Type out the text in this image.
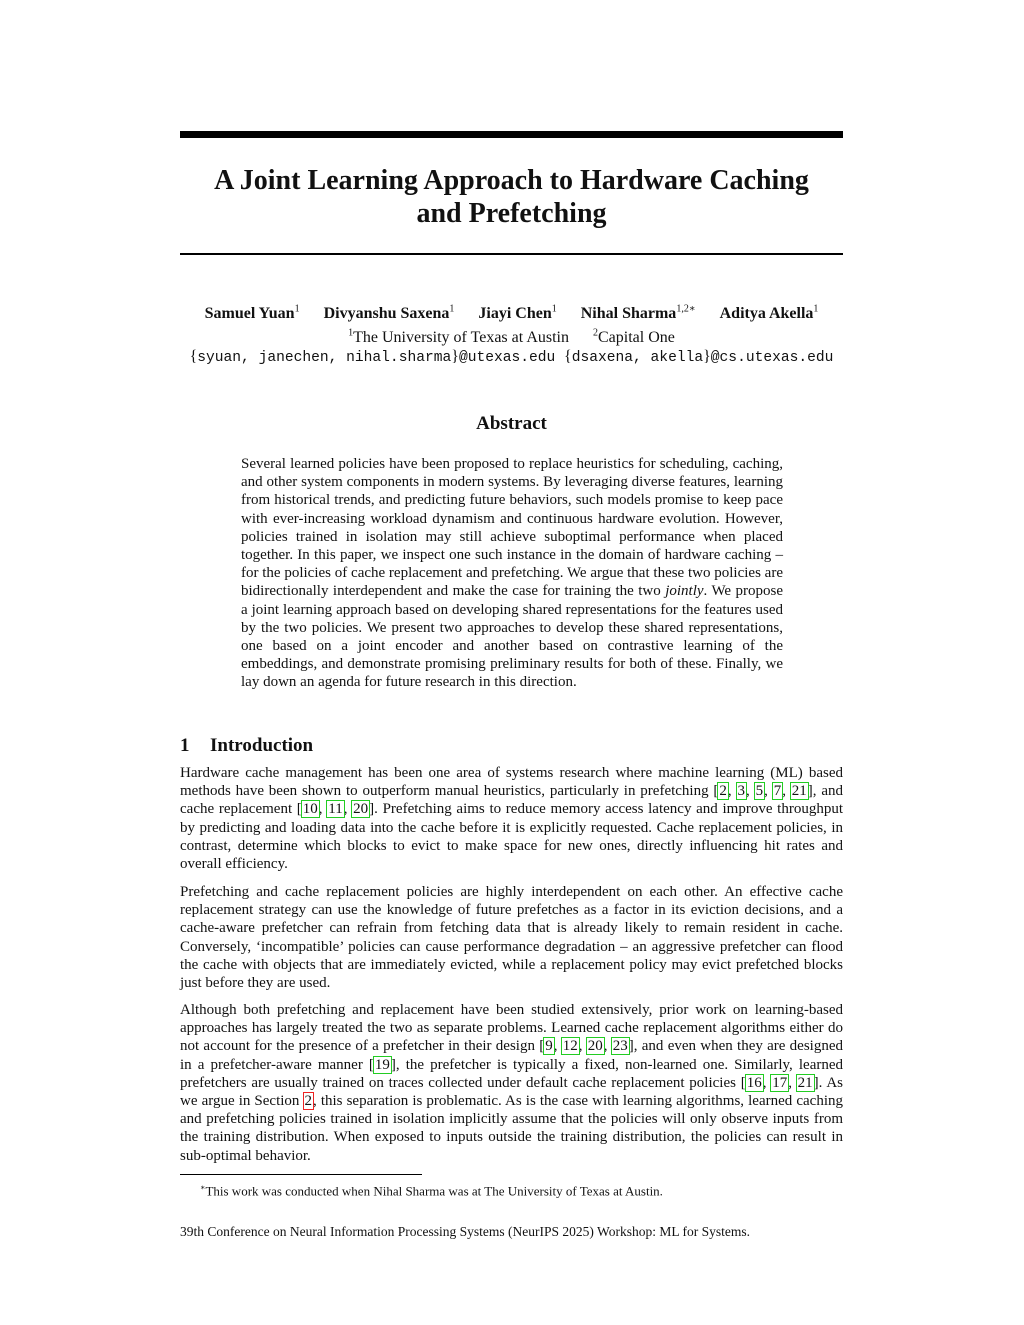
A Joint Learning Approach to Hardware Caching
and Prefetching
Samuel Yuan$^1$ Divyanshu Saxena$^1$ Jiayi Chen$^1$ Nihal Sharma$^{1,2∗}$ Aditya Akella$^1$
$^1$The University of Texas at Austin $^2$Capital One
{syuan, janechen, nihal.sharma}@utexas.edu {dsaxena, akella}@cs.utexas.edu
Abstract

Several learned policies have been proposed to replace heuristics for scheduling, caching, and other system components in modern systems. By leveraging diverse features, learning from historical trends, and predicting future behaviors, such models promise to keep pace with ever-increasing workload dynamism and continuous hardware evolution. However, policies trained in isolation may still achieve suboptimal performance when placed together. In this paper, we inspect one such instance in the domain of hardware caching – for the policies of cache replacement and prefetching. We argue that these two policies are bidirectionally interdependent and make the case for training the two jointly. We propose a joint learning approach based on developing shared representations for the features used by the two policies. We present two approaches to develop these shared representations, one based on a joint encoder and another based on contrastive learning of the embeddings, and demonstrate promising preliminary results for both of these. Finally, we lay down an agenda for future research in this direction.

1 Introduction

Hardware cache management has been one area of systems research where machine learning (ML) based methods have been shown to outperform manual heuristics, particularly in prefetching [2, 3, 5, 7, 21], and cache replacement [10, 11, 20]. Prefetching aims to reduce memory access latency and improve throughput by predicting and loading data into the cache before it is explicitly requested. Cache replacement policies, in contrast, determine which blocks to evict to make space for new ones, directly influencing hit rates and overall efficiency.

Prefetching and cache replacement policies are highly interdependent on each other. An effective cache replacement strategy can use the knowledge of future prefetches as a factor in its eviction decisions, and a cache-aware prefetcher can refrain from fetching data that is already likely to remain resident in cache. Conversely, ‘incompatible’ policies can cause performance degradation – an aggressive prefetcher can flood the cache with objects that are immediately evicted, while a replacement policy may evict prefetched blocks just before they are used.

Although both prefetching and replacement have been studied extensively, prior work on learning-based approaches has largely treated the two as separate problems. Learned cache replacement algorithms either do not account for the presence of a prefetcher in their design [9, 12, 20, 23], and even when they are designed in a prefetcher-aware manner [19], the prefetcher is typically a fixed, non-learned one. Similarly, learned prefetchers are usually trained on traces collected under default cache replacement policies [16, 17, 21]. As we argue in Section 2, this separation is problematic. As is the case with learning algorithms, learned caching and prefetching policies trained in isolation implicitly assume that the policies will only observe inputs from the training distribution. When exposed to inputs outside the training distribution, the policies can result in sub-optimal behavior.

∗This work was conducted when Nihal Sharma was at The University of Texas at Austin.
39th Conference on Neural Information Processing Systems (NeurIPS 2025) Workshop: ML for Systems.
